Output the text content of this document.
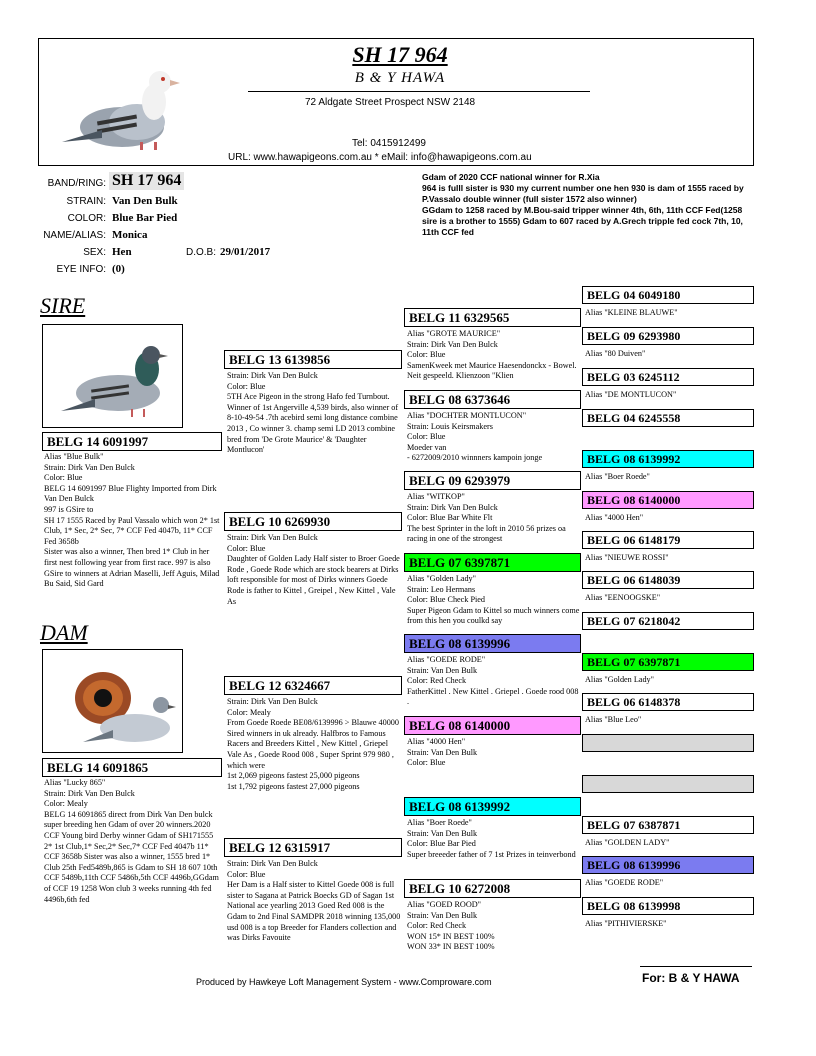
SH 17 964
B & Y HAWA
72 Aldgate Street Prospect NSW 2148
Tel: 0415912499
URL: www.hawapigeons.com.au * eMail: info@hawapigeons.com.au
BAND/RING: SH 17 964
STRAIN: Van Den Bulk
COLOR: Blue Bar Pied
NAME/ALIAS: Monica
SEX: Hen	D.O.B: 29/01/2017
EYE INFO: (0)
Gdam of 2020 CCF national winner for R.Xia
964 is fulll sister is 930 my current number one hen 930 is dam of 1555 raced by P.Vassalo double winner (full sister 1572 also winner)
GGdam to 1258 raced by M.Bou-said tripper winner 4th, 6th, 11th CCF Fed(1258 sire is a brother to 1555) Gdam to 607 raced by A.Grech tripple fed cock 7th, 10, 11th CCF fed
SIRE
DAM
BELG 14 6091997
Alias "Blue Bulk"
Strain: Dirk Van Den Bulck
Color: Blue
BELG 14 6091997 Blue Flighty Imported from Dirk Van Den Bulck
997 is GSire to
SH 17 1555 Raced by Paul Vassalo which won 2* 1st Club, 1* Sec, 2* Sec, 7* CCF Fed 4047b, 11* CCF Fed 3658b
Sister was also a winner, Then bred 1* Club in her first nest following year from first race. 997 is also GSire to winners at Adrian Maselli, Jeff Aguis, Milad Bu Said, Sid Gard
BELG 14 6091865
Alias "Lucky 865"
Strain: Dirk Van Den Bulck
Color: Mealy
BELG 14 6091865 direct from Dirk Van Den bulck super breeding hen Gdam of over 20 winners.2020 CCF Young bird Derby winner Gdam of SH171555 2* 1st Club,1* Sec,2* Sec,7* CCF Fed 4047b 11* CCF 3658b Sister was also a winner, 1555 bred 1* Club 25th Fed5489b,865 is Gdam to SH 18 607 10th CCF 5489b,11th CCF 5486b,5th CCF 4496b,GGdam of CCF 19 1258 Won club 3 weeks running 4th fed 4496b,6th fed
BELG 13 6139856
Strain: Dirk Van Den Bulck
Color: Blue
5TH Ace Pigeon in the strong Hafo fed Turnbout.
Winner of 1st Angerville 4,539 birds, also winner of 8-10-49-54 .7th acebird semi long distance combine 2013 , Co winner 3. champ semi LD 2013 combine bred from 'De Grote Maurice' & 'Daughter Montlucon'
BELG 10 6269930
Strain: Dirk Van Den Bulck
Color: Blue
Daughter of Golden Lady Half sister to Broer Goede Rode , Goede Rode which are stock bearers at Dirks loft responsible for most of Dirks winners Goede Rode is father to Kittel , Greipel , New Kittel , Vale As
BELG 12 6324667
Strain: Dirk Van Den Bulck
Color: Mealy
From Goede Roede BE08/6139996 > Blauwe 40000 Sired winners in uk already. Halfbros to Famous Racers and Breeders Kittel , New Kittel , Griepel
Vale As , Goede Rood 008 , Super Sprint 979 980 , which were
1st 2,069 pigeons fastest 25,000 pigeons
1st 1,792 pigeons fastest 27,000 pigeons
BELG 12 6315917
Strain: Dirk Van Den Bulck
Color: Blue
Her Dam is a Half sister to Kittel Goede 008 is full sister to Sagana at Patrick Boecks GD of Sagan 1st National ace yearling 2013 Goed Red 008 is the Gdam to 2nd Final SAMDPR 2018 winning 135,000 usd 008 is a top Breeder for Flanders collection and was Dirks Favouite
BELG 11 6329565
Alias "GROTE MAURICE"
Strain: Dirk Van Den Bulck
Color: Blue
SamenKweek met Maurice Haesendonckx - Bowel. Neit gespeeld. Klienzoon "Klien
BELG 08 6373646
Alias "DOCHTER MONTLUCON"
Strain: Louis Keirsmakers
Color: Blue
Moeder van
- 6272009/2010 winnners kampoin jonge
BELG 09 6293979
Alias "WITKOP"
Strain: Dirk Van Den Bulck
Color: Blue Bar White Flt
The best Sprinter in the loft in 2010 56 prizes oa racing in one of the strongest
BELG 07 6397871
Alias "Golden Lady"
Strain: Leo Hermans
Color: Blue Check Pied
Super Pigeon Gdam to Kittel so much winners come from this hen you coulkd say
BELG 08 6139996
Alias "GOEDE RODE"
Strain: Van Den Bulk
Color: Red Check
FatherKittel . New Kittel . Griepel . Goede rood 008 .
BELG 08 6140000
Alias "4000 Hen"
Strain: Van Den Bulk
Color: Blue
BELG 08 6139992
Alias "Boer Roede"
Strain: Van Den Bulk
Color: Blue Bar Pied
Super breeeder father of 7 1st Prizes in teinverbond
BELG 10 6272008
Alias "GOED ROOD"
Strain: Van Den Bulk
Color: Red Check
WON 15* IN BEST 100%
WON 33* IN BEST 100%
BELG 04 6049180
Alias "KLEINE BLAUWE"
BELG 09 6293980
Alias "80 Duiven"
BELG 03 6245112
Alias "DE MONTLUCON"
BELG 04 6245558
BELG 08 6139992
Alias "Boer Roede"
BELG 08 6140000
Alias "4000 Hen"
BELG 06 6148179
Alias "NIEUWE ROSSI"
BELG 06 6148039
Alias "EENOOGSKE"
BELG 07 6218042
BELG 07 6397871
Alias "Golden Lady"
BELG 06 6148378
Alias "Blue Leo"
BELG 07 6387871
Alias "GOLDEN LADY"
BELG 08 6139996
Alias "GOEDE RODE"
BELG 08 6139998
Alias "PITHIVIERSKE"
Produced by Hawkeye Loft Management System - www.Comproware.com	For: B & Y HAWA
